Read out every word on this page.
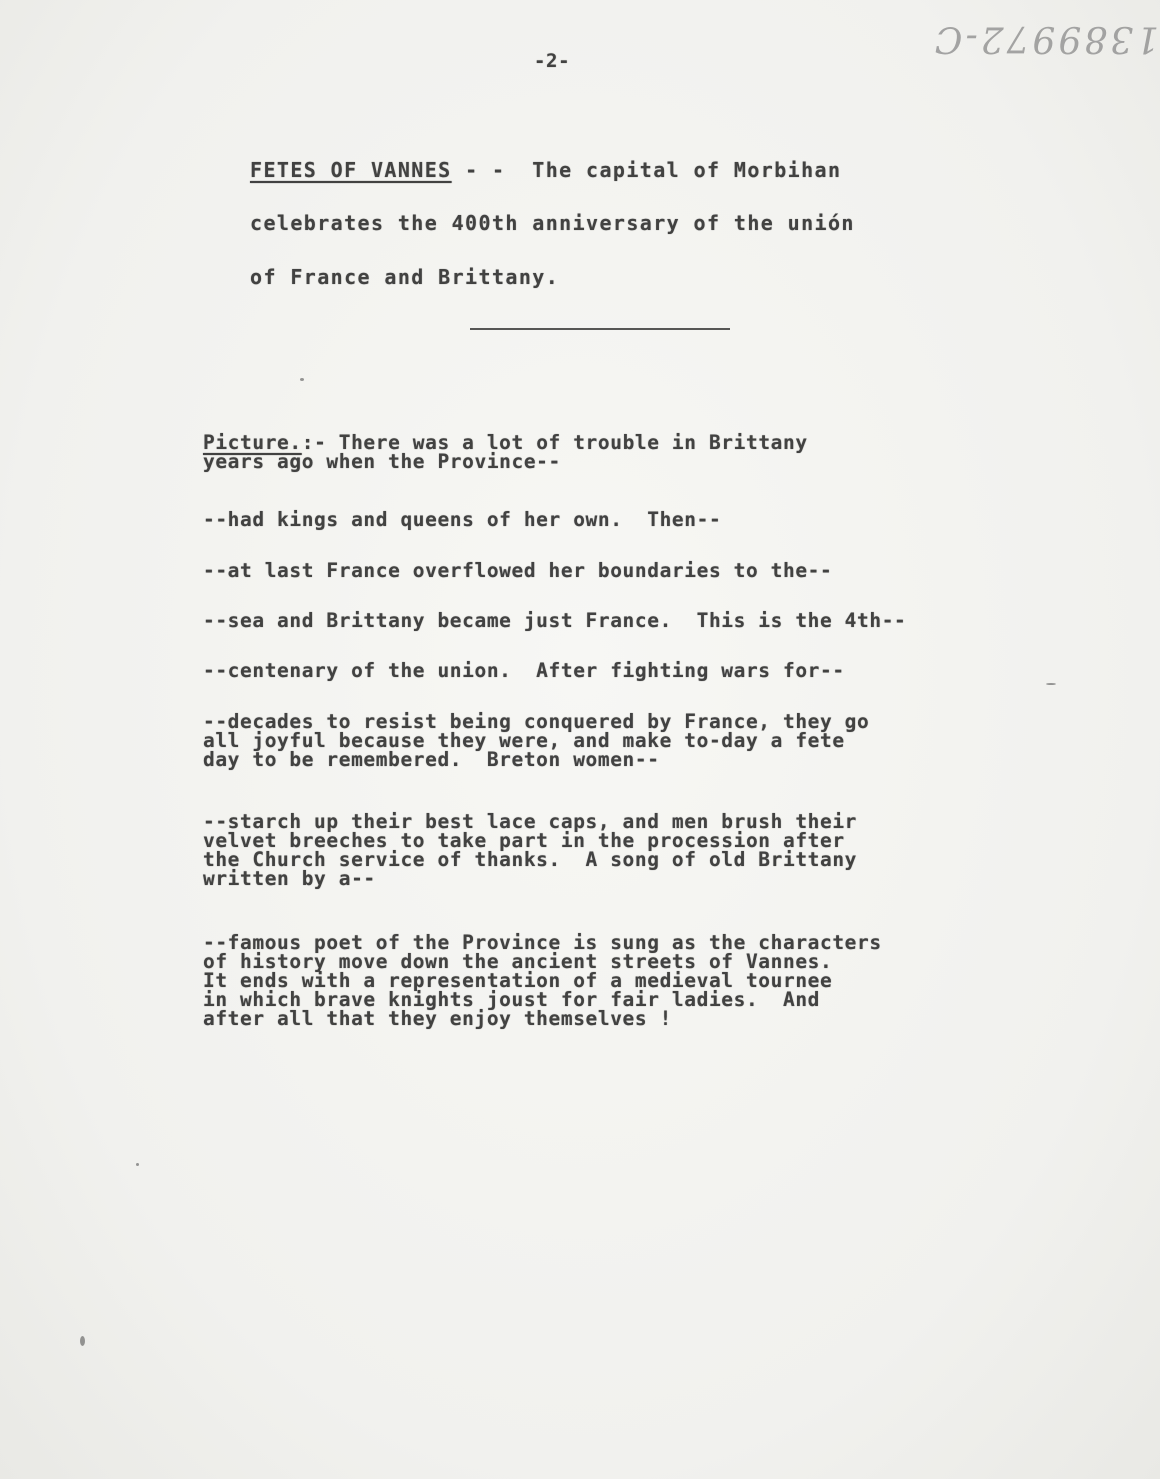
-2-
1389972-C
FETES OF VANNES - -  The capital of Morbihan
celebrates the 400th anniversary of the unión
of France and Brittany.
Picture.:- There was a lot of trouble in Brittany
years ago when the Province--
--had kings and queens of her own.  Then--
--at last France overflowed her boundaries to the--
--sea and Brittany became just France.  This is the 4th--
--centenary of the union.  After fighting wars for--
--decades to resist being conquered by France, they go
all joyful because they were, and make to-day a fete
day to be remembered.  Breton women--
--starch up their best lace caps, and men brush their
velvet breeches to take part in the procession after
the Church service of thanks.  A song of old Brittany
written by a--
--famous poet of the Province is sung as the characters
of history move down the ancient streets of Vannes.
It ends with a representation of a medieval tournee
in which brave knights joust for fair ladies.  And
after all that they enjoy themselves !
